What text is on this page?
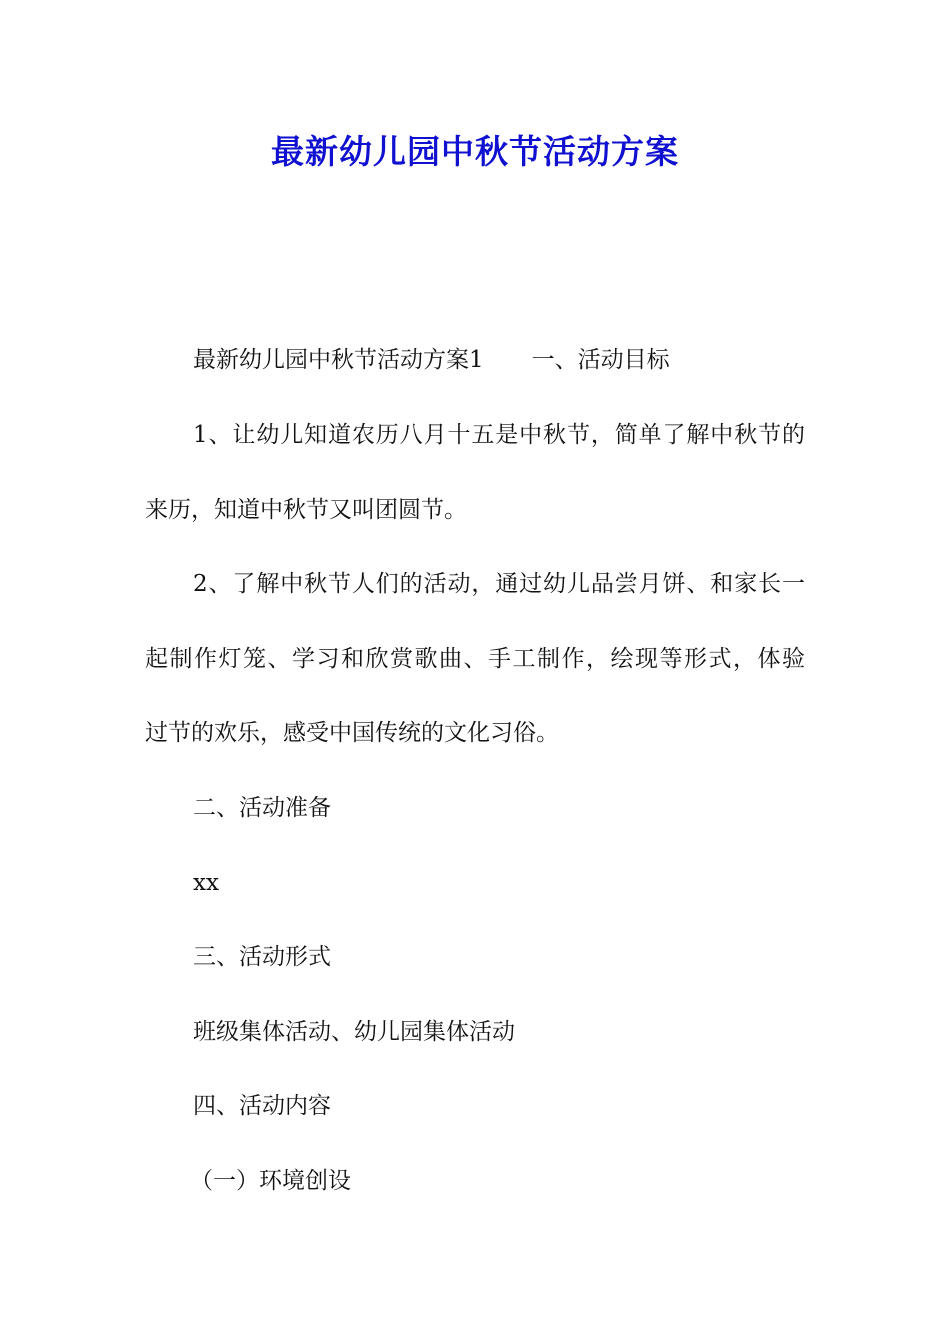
最新幼儿园中秋节活动方案

最新幼儿园中秋节活动方案1 一、活动目标

1、让幼儿知道农历八月十五是中秋节，简单了解中秋节的

来历，知道中秋节又叫团圆节。

2、了解中秋节人们的活动，通过幼儿品尝月饼、和家长一

起制作灯笼、学习和欣赏歌曲、手工制作，绘现等形式，体验

过节的欢乐，感受中国传统的文化习俗。

二、活动准备

xx

三、活动形式

班级集体活动、幼儿园集体活动

四、活动内容

（一）环境创设
